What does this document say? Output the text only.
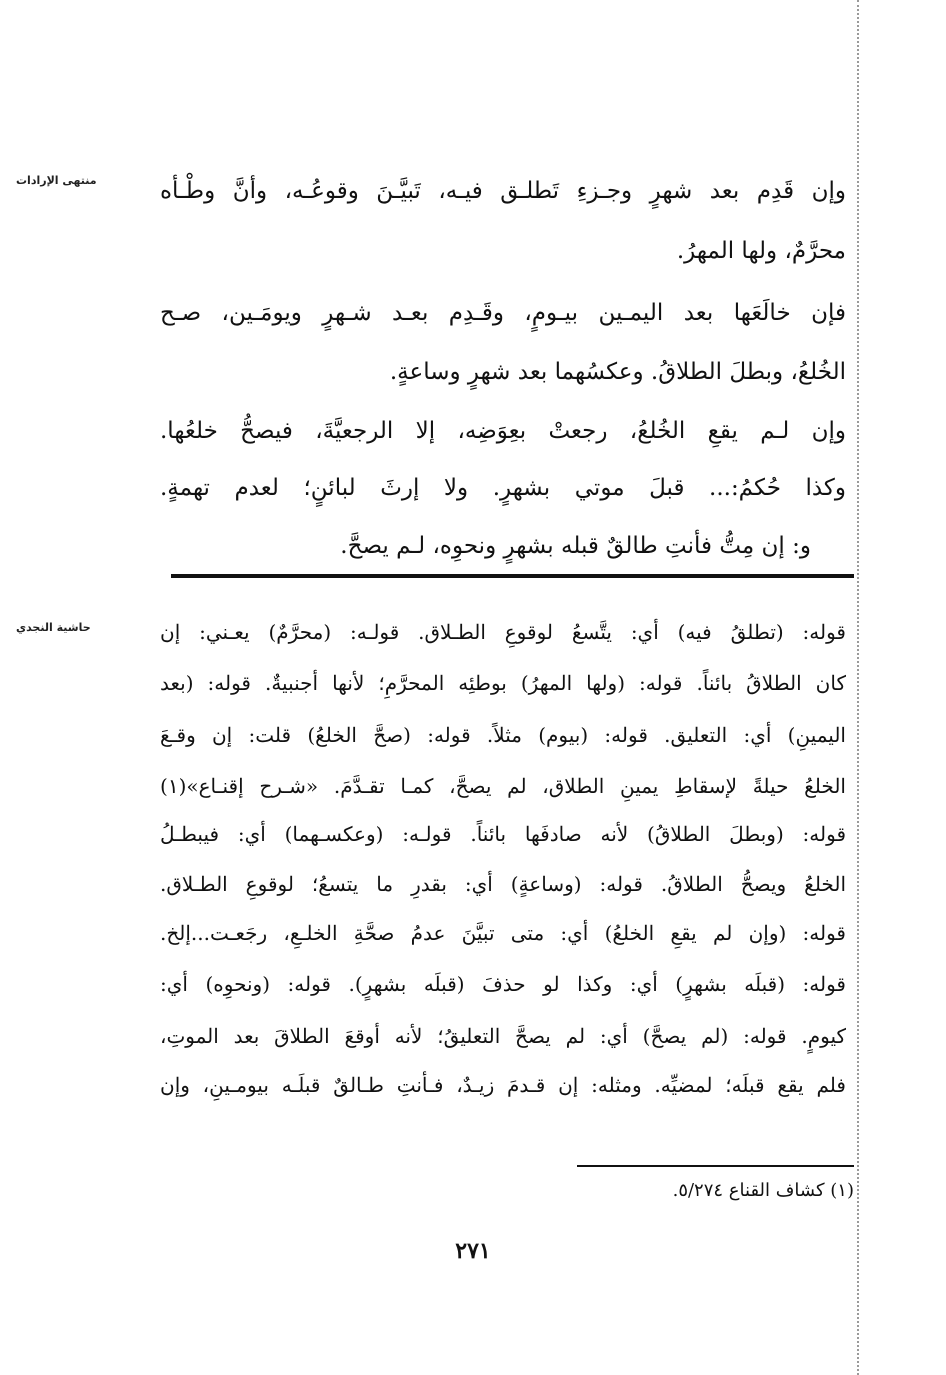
منتهى الإرادات
حاشية النجدي
وإن قَدِم بعد شهرٍ وجـزءِ تَطلـق فيـه، تَبيَّـنَ وقوعُـه، وأنَّ وطْـأه
محرَّمٌ، ولها المهرُ.
فإن خالَعَها بعد اليمـين بيـومٍ، وقَـدِم بعـد شـهرٍ ويومَـين، صـح
الخُلعُ، وبطلَ الطلاقُ. وعكسُهما بعد شهرٍ وساعةٍ.
وإن لـم يقعِ الخُلعُ، رجعتْ بعِوَضِه، إلا الرجعيَّةَ، فيصحُّ خلعُها.
وكذا حُكمُ:... قبلَ موتي بشهرٍ. ولا إرثَ لبائنٍ؛ لعدم تهمةٍ.
و: إن مِتُّ فأنتِ طالقٌ قبله بشهرٍ ونحوِه، لـم يصحَّ.
قوله: (تطلقُ فيه) أي: يتَّسعُ لوقوعِ الطـلاق. قولـه: (محرَّمٌ) يعـني: إن
كان الطلاقُ بائناً. قوله: (ولها المهرُ) بوطئِه المحرَّمِ؛ لأنها أجنبيةٌ. قوله: (بعد
اليمينِ) أي: التعليق. قوله: (بيوم) مثلاً. قوله: (صحَّ الخلعُ) قلت: إن وقـعَ
الخلعُ حيلةً لإسقاطِ يمينِ الطلاق، لم يصحَّ، كمـا تقـدَّمَ. «شـرح إقنـاع»(١)
قوله: (وبطلَ الطلاقُ) لأنه صادفَها بائناً. قولـه: (وعكسـهما) أي: فيبطـلُ
الخلعُ ويصحُّ الطلاقُ. قوله: (وساعةٍ) أي: بقدرِ ما يتسعُ؛ لوقوعِ الطـلاق.
قوله: (وإن لم يقعِ الخلعُ) أي: متى تبيَّنَ عدمُ صحَّةِ الخلـعِ، رجَعـت...إلخ.
قوله: (قبلَه بشهرٍ) أي: وكذا لو حذفَ (قبلَه بشهرٍ). قوله: (ونحوِه) أي:
كيومٍ. قوله: (لم يصحَّ) أي: لم يصحَّ التعليقُ؛ لأنه أوقعَ الطلاقَ بعد الموتِ،
فلم يقع قبلَه؛ لمضيِّه. ومثله: إن قـدمَ زيـدٌ، فـأنتِ طـالقٌ قبلَـه بيومـينِ، وإن
(١) كشاف القناع ٥/٢٧٤.
٢٧١
